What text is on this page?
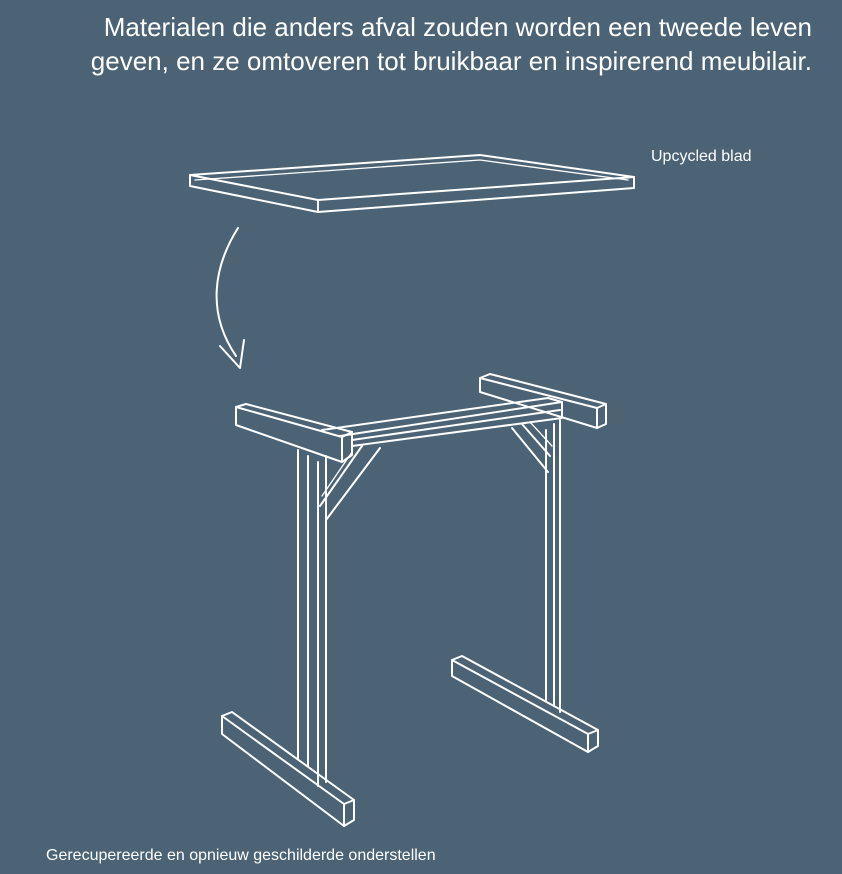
Materialen die anders afval zouden worden een tweede leven
geven, en ze omtoveren tot bruikbaar en inspirerend meubilair.
Upcycled blad
Gerecupereerde en opnieuw geschilderde onderstellen
